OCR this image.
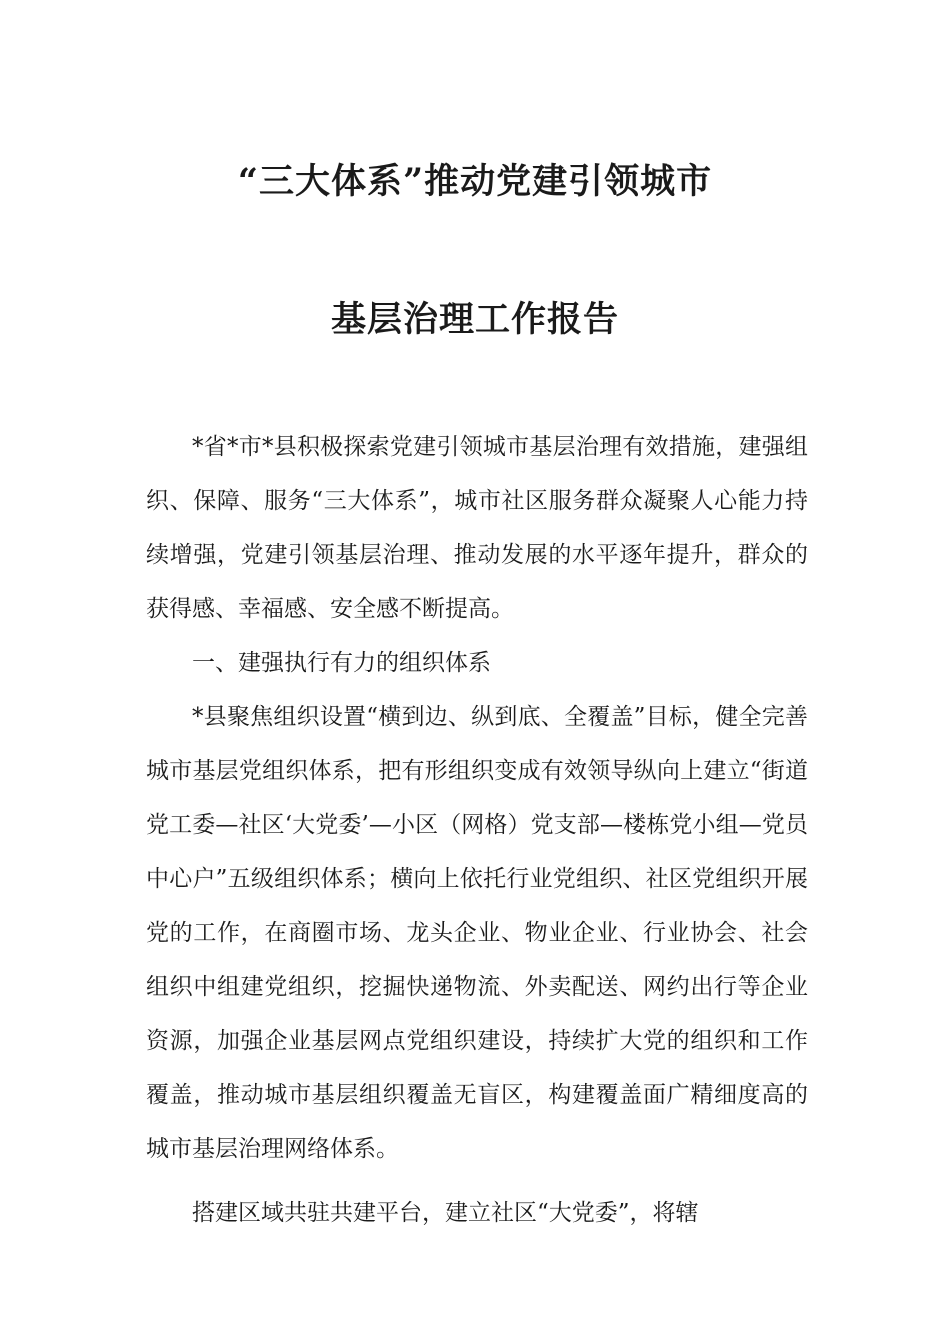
“三大体系”推动党建引领城市
基层治理工作报告

*省*市*县积极探索党建引领城市基层治理有效措施，建强组织、保障、服务“三大体系”，城市社区服务群众凝聚人心能力持续增强，党建引领基层治理、推动发展的水平逐年提升，群众的获得感、幸福感、安全感不断提高。

一、建强执行有力的组织体系

*县聚焦组织设置“横到边、纵到底、全覆盖”目标，健全完善城市基层党组织体系，把有形组织变成有效领导纵向上建立“街道党工委—社区‘大党委’—小区（网格）党支部—楼栋党小组—党员中心户”五级组织体系；横向上依托行业党组织、社区党组织开展党的工作，在商圈市场、龙头企业、物业企业、行业协会、社会组织中组建党组织，挖掘快递物流、外卖配送、网约出行等企业资源，加强企业基层网点党组织建设，持续扩大党的组织和工作覆盖，推动城市基层组织覆盖无盲区，构建覆盖面广精细度高的城市基层治理网络体系。

搭建区域共驻共建平台，建立社区“大党委”，将辖
